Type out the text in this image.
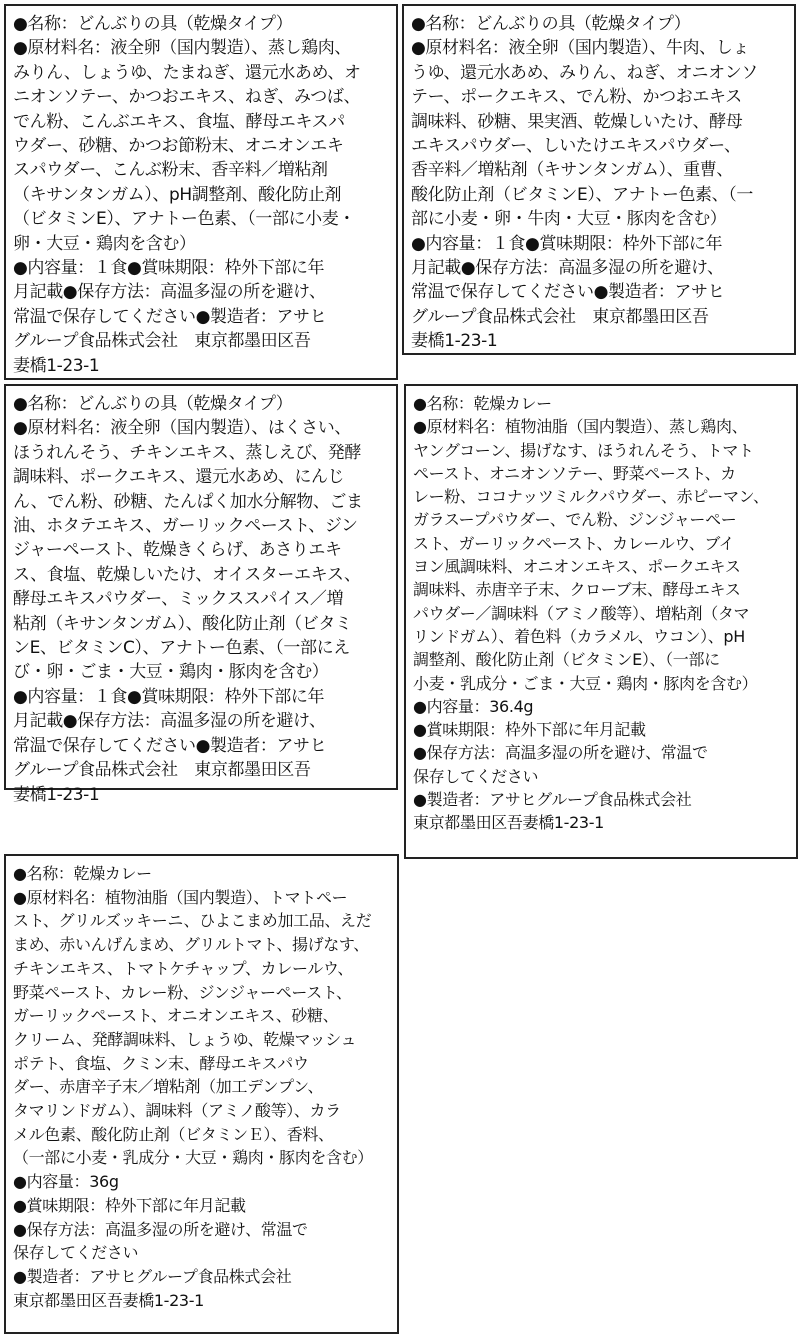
●名称：どんぶりの具（乾燥タイプ）
●原材料名：液全卵（国内製造）、蒸し鶏肉、
みりん、しょうゆ、たまねぎ、還元水あめ、オ
ニオンソテー、かつおエキス、ねぎ、みつば、
でん粉、こんぶエキス、食塩、酵母エキスパ
ウダー、砂糖、かつお節粉末、オニオンエキ
スパウダー、こんぶ粉末、香辛料／増粘剤
（キサンタンガム）、pH調整剤、酸化防止剤
（ビタミンE）、アナトー色素、（一部に小麦・
卵・大豆・鶏肉を含む）
●内容量：１食●賞味期限：枠外下部に年
月記載●保存方法：高温多湿の所を避け、
常温で保存してください●製造者：アサヒ
グループ食品株式会社　東京都墨田区吾
妻橋1-23-1
●名称：どんぶりの具（乾燥タイプ）
●原材料名：液全卵（国内製造）、牛肉、しょ
うゆ、還元水あめ、みりん、ねぎ、オニオンソ
テー、ポークエキス、でん粉、かつおエキス
調味料、砂糖、果実酒、乾燥しいたけ、酵母
エキスパウダー、しいたけエキスパウダー、
香辛料／増粘剤（キサンタンガム）、重曹、
酸化防止剤（ビタミンE）、アナトー色素、（一
部に小麦・卵・牛肉・大豆・豚肉を含む）
●内容量：１食●賞味期限：枠外下部に年
月記載●保存方法：高温多湿の所を避け、
常温で保存してください●製造者：アサヒ
グループ食品株式会社　東京都墨田区吾
妻橋1-23-1
●名称：どんぶりの具（乾燥タイプ）
●原材料名：液全卵（国内製造）、はくさい、
ほうれんそう、チキンエキス、蒸しえび、発酵
調味料、ポークエキス、還元水あめ、にんじ
ん、でん粉、砂糖、たんぱく加水分解物、ごま
油、ホタテエキス、ガーリックペースト、ジン
ジャーペースト、乾燥きくらげ、あさりエキ
ス、食塩、乾燥しいたけ、オイスターエキス、
酵母エキスパウダー、ミックススパイス／増
粘剤（キサンタンガム）、酸化防止剤（ビタミ
ンE、ビタミンC）、アナトー色素、（一部にえ
び・卵・ごま・大豆・鶏肉・豚肉を含む）
●内容量：１食●賞味期限：枠外下部に年
月記載●保存方法：高温多湿の所を避け、
常温で保存してください●製造者：アサヒ
グループ食品株式会社　東京都墨田区吾
妻橋1-23-1
●名称：乾燥カレー
●原材料名：植物油脂（国内製造）、蒸し鶏肉、
ヤングコーン、揚げなす、ほうれんそう、トマト
ペースト、オニオンソテー、野菜ペースト、カ
レー粉、ココナッツミルクパウダー、赤ピーマン、
ガラスープパウダー、でん粉、ジンジャーペー
スト、ガーリックペースト、カレールウ、ブイ
ヨン風調味料、オニオンエキス、ポークエキス
調味料、赤唐辛子末、クローブ末、酵母エキス
パウダー／調味料（アミノ酸等）、増粘剤（タマ
リンドガム）、着色料（カラメル、ウコン）、pH
調整剤、酸化防止剤（ビタミンE）、（一部に
小麦・乳成分・ごま・大豆・鶏肉・豚肉を含む）
●内容量：36.4g
●賞味期限：枠外下部に年月記載
●保存方法：高温多湿の所を避け、常温で
保存してください
●製造者：アサヒグループ食品株式会社
東京都墨田区吾妻橋1-23-1
●名称：乾燥カレー
●原材料名：植物油脂（国内製造）、トマトペー
スト、グリルズッキーニ、ひよこまめ加工品、えだ
まめ、赤いんげんまめ、グリルトマト、揚げなす、
チキンエキス、トマトケチャップ、カレールウ、
野菜ペースト、カレー粉、ジンジャーペースト、
ガーリックペースト、オニオンエキス、砂糖、
クリーム、発酵調味料、しょうゆ、乾燥マッシュ
ポテト、食塩、クミン末、酵母エキスパウ
ダー、赤唐辛子末／増粘剤（加工デンプン、
タマリンドガム）、調味料（アミノ酸等）、カラ
メル色素、酸化防止剤（ビタミンＥ）、香料、
（一部に小麦・乳成分・大豆・鶏肉・豚肉を含む）
●内容量：36g
●賞味期限：枠外下部に年月記載
●保存方法：高温多湿の所を避け、常温で
保存してください
●製造者：アサヒグループ食品株式会社
東京都墨田区吾妻橋1-23-1
